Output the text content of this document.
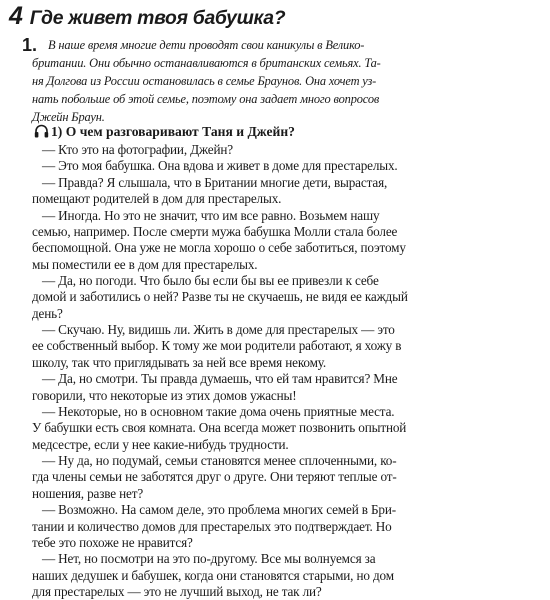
4 Где живет твоя бабушка?
1. В наше время многие дети проводят свои каникулы в Велико-
британии. Они обычно останавливаются в британских семьях. Та-
ня Долгова из России остановилась в семье Браунов. Она хочет уз-
нать побольше об этой семье, поэтому она задает много вопросов
Джейн Браун.
1) О чем разговаривают Таня и Джейн?
— Кто это на фотографии, Джейн?
— Это моя бабушка. Она вдова и живет в доме для престарелых.
— Правда? Я слышала, что в Британии многие дети, вырастая,
помещают родителей в дом для престарелых.
— Иногда. Но это не значит, что им все равно. Возьмем нашу
семью, например. После смерти мужа бабушка Молли стала более
беспомощной. Она уже не могла хорошо о себе заботиться, поэтому
мы поместили ее в дом для престарелых.
— Да, но погоди. Что было бы если бы вы ее привезли к себе
домой и заботились о ней? Разве ты не скучаешь, не видя ее каждый
день?
— Скучаю. Ну, видишь ли. Жить в доме для престарелых — это
ее собственный выбор. К тому же мои родители работают, я хожу в
школу, так что приглядывать за ней все время некому.
— Да, но смотри. Ты правда думаешь, что ей там нравится? Мне
говорили, что некоторые из этих домов ужасны!
— Некоторые, но в основном такие дома очень приятные места.
У бабушки есть своя комната. Она всегда может позвонить опытной
медсестре, если у нее какие-нибудь трудности.
— Ну да, но подумай, семьи становятся менее сплоченными, ко-
гда члены семьи не заботятся друг о друге. Они теряют теплые от-
ношения, разве нет?
— Возможно. На самом деле, это проблема многих семей в Бри-
тании и количество домов для престарелых это подтверждает. Но
тебе это похоже не нравится?
— Нет, но посмотри на это по-другому. Все мы волнуемся за
наших дедушек и бабушек, когда они становятся старыми, но дом
для престарелых — это не лучший выход, не так ли?
